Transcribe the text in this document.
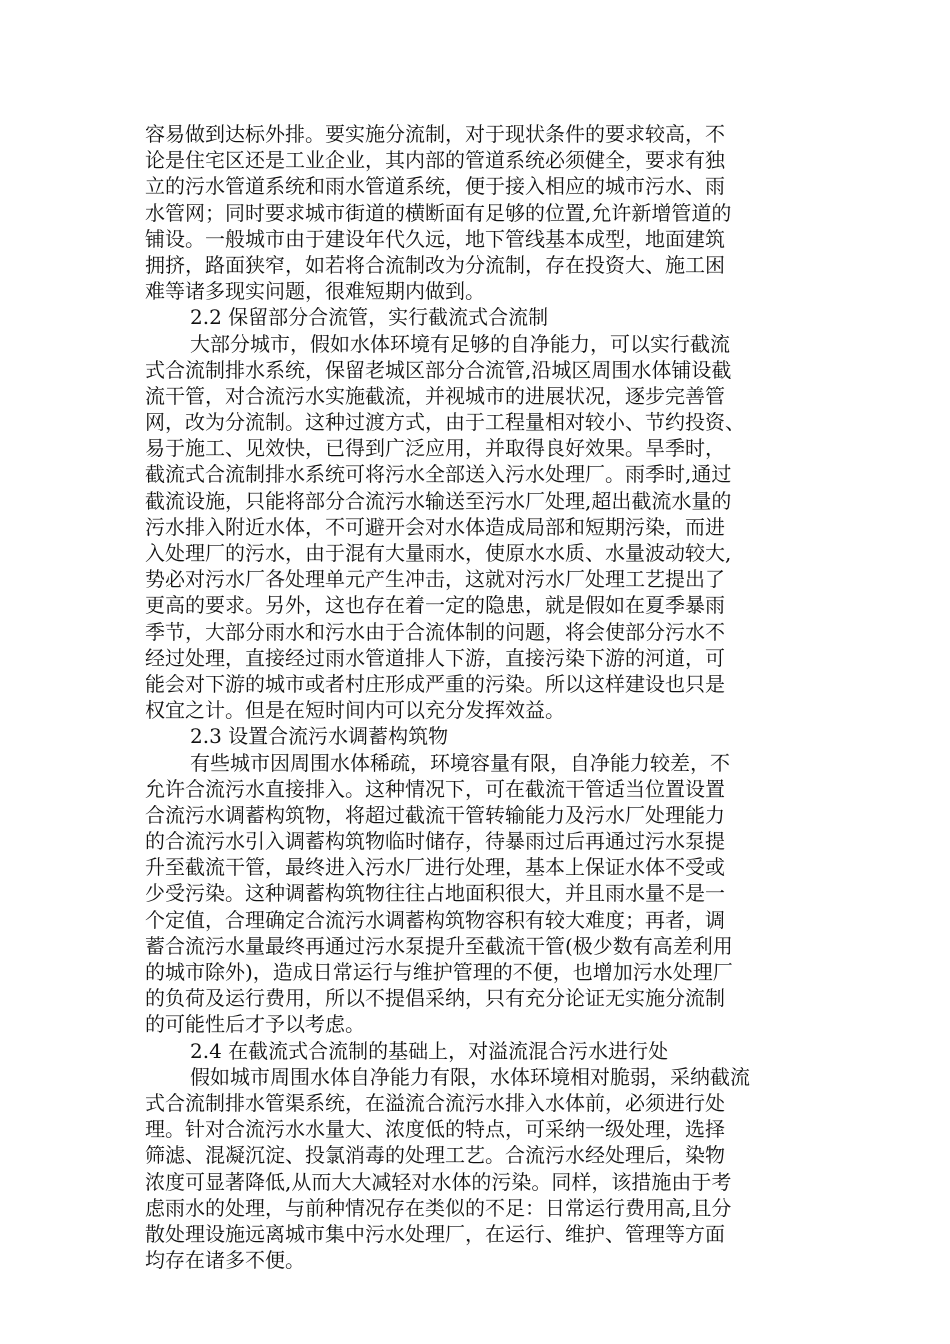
容易做到达标外排。要实施分流制，对于现状条件的要求较高，不
论是住宅区还是工业企业，其内部的管道系统必须健全，要求有独
立的污水管道系统和雨水管道系统，便于接入相应的城市污水、雨
水管网；同时要求城市街道的横断面有足够的位置,允许新增管道的
铺设。一般城市由于建设年代久远，地下管线基本成型，地面建筑
拥挤，路面狭窄，如若将合流制改为分流制，存在投资大、施工困
难等诸多现实问题，很难短期内做到。
2.2 保留部分合流管，实行截流式合流制
大部分城市，假如水体环境有足够的自净能力，可以实行截流
式合流制排水系统，保留老城区部分合流管,沿城区周围水体铺设截
流干管，对合流污水实施截流，并视城市的进展状况，逐步完善管
网，改为分流制。这种过渡方式，由于工程量相对较小、节约投资、
易于施工、见效快，已得到广泛应用，并取得良好效果。旱季时，
截流式合流制排水系统可将污水全部送入污水处理厂。雨季时,通过
截流设施，只能将部分合流污水输送至污水厂处理,超出截流水量的
污水排入附近水体，不可避开会对水体造成局部和短期污染，而进
入处理厂的污水，由于混有大量雨水，使原水水质、水量波动较大,
势必对污水厂各处理单元产生冲击，这就对污水厂处理工艺提出了
更高的要求。另外，这也存在着一定的隐患，就是假如在夏季暴雨
季节，大部分雨水和污水由于合流体制的问题，将会使部分污水不
经过处理，直接经过雨水管道排人下游，直接污染下游的河道，可
能会对下游的城市或者村庄形成严重的污染。所以这样建设也只是
权宜之计。但是在短时间内可以充分发挥效益。
2.3 设置合流污水调蓄构筑物
有些城市因周围水体稀疏，环境容量有限，自净能力较差，不
允许合流污水直接排入。这种情况下，可在截流干管适当位置设置
合流污水调蓄构筑物，将超过截流干管转输能力及污水厂处理能力
的合流污水引入调蓄构筑物临时储存，待暴雨过后再通过污水泵提
升至截流干管，最终进入污水厂进行处理，基本上保证水体不受或
少受污染。这种调蓄构筑物往往占地面积很大，并且雨水量不是一
个定值，合理确定合流污水调蓄构筑物容积有较大难度；再者，调
蓄合流污水量最终再通过污水泵提升至截流干管(极少数有高差利用
的城市除外)，造成日常运行与维护管理的不便，也增加污水处理厂
的负荷及运行费用，所以不提倡采纳，只有充分论证无实施分流制
的可能性后才予以考虑。
2.4 在截流式合流制的基础上，对溢流混合污水进行处
假如城市周围水体自净能力有限，水体环境相对脆弱，采纳截流
式合流制排水管渠系统，在溢流合流污水排入水体前，必须进行处
理。针对合流污水水量大、浓度低的特点，可采纳一级处理，选择
筛滤、混凝沉淀、投氯消毒的处理工艺。合流污水经处理后，染物
浓度可显著降低,从而大大减轻对水体的污染。同样，该措施由于考
虑雨水的处理，与前种情况存在类似的不足：日常运行费用高,且分
散处理设施远离城市集中污水处理厂，在运行、维护、管理等方面
均存在诸多不便。
